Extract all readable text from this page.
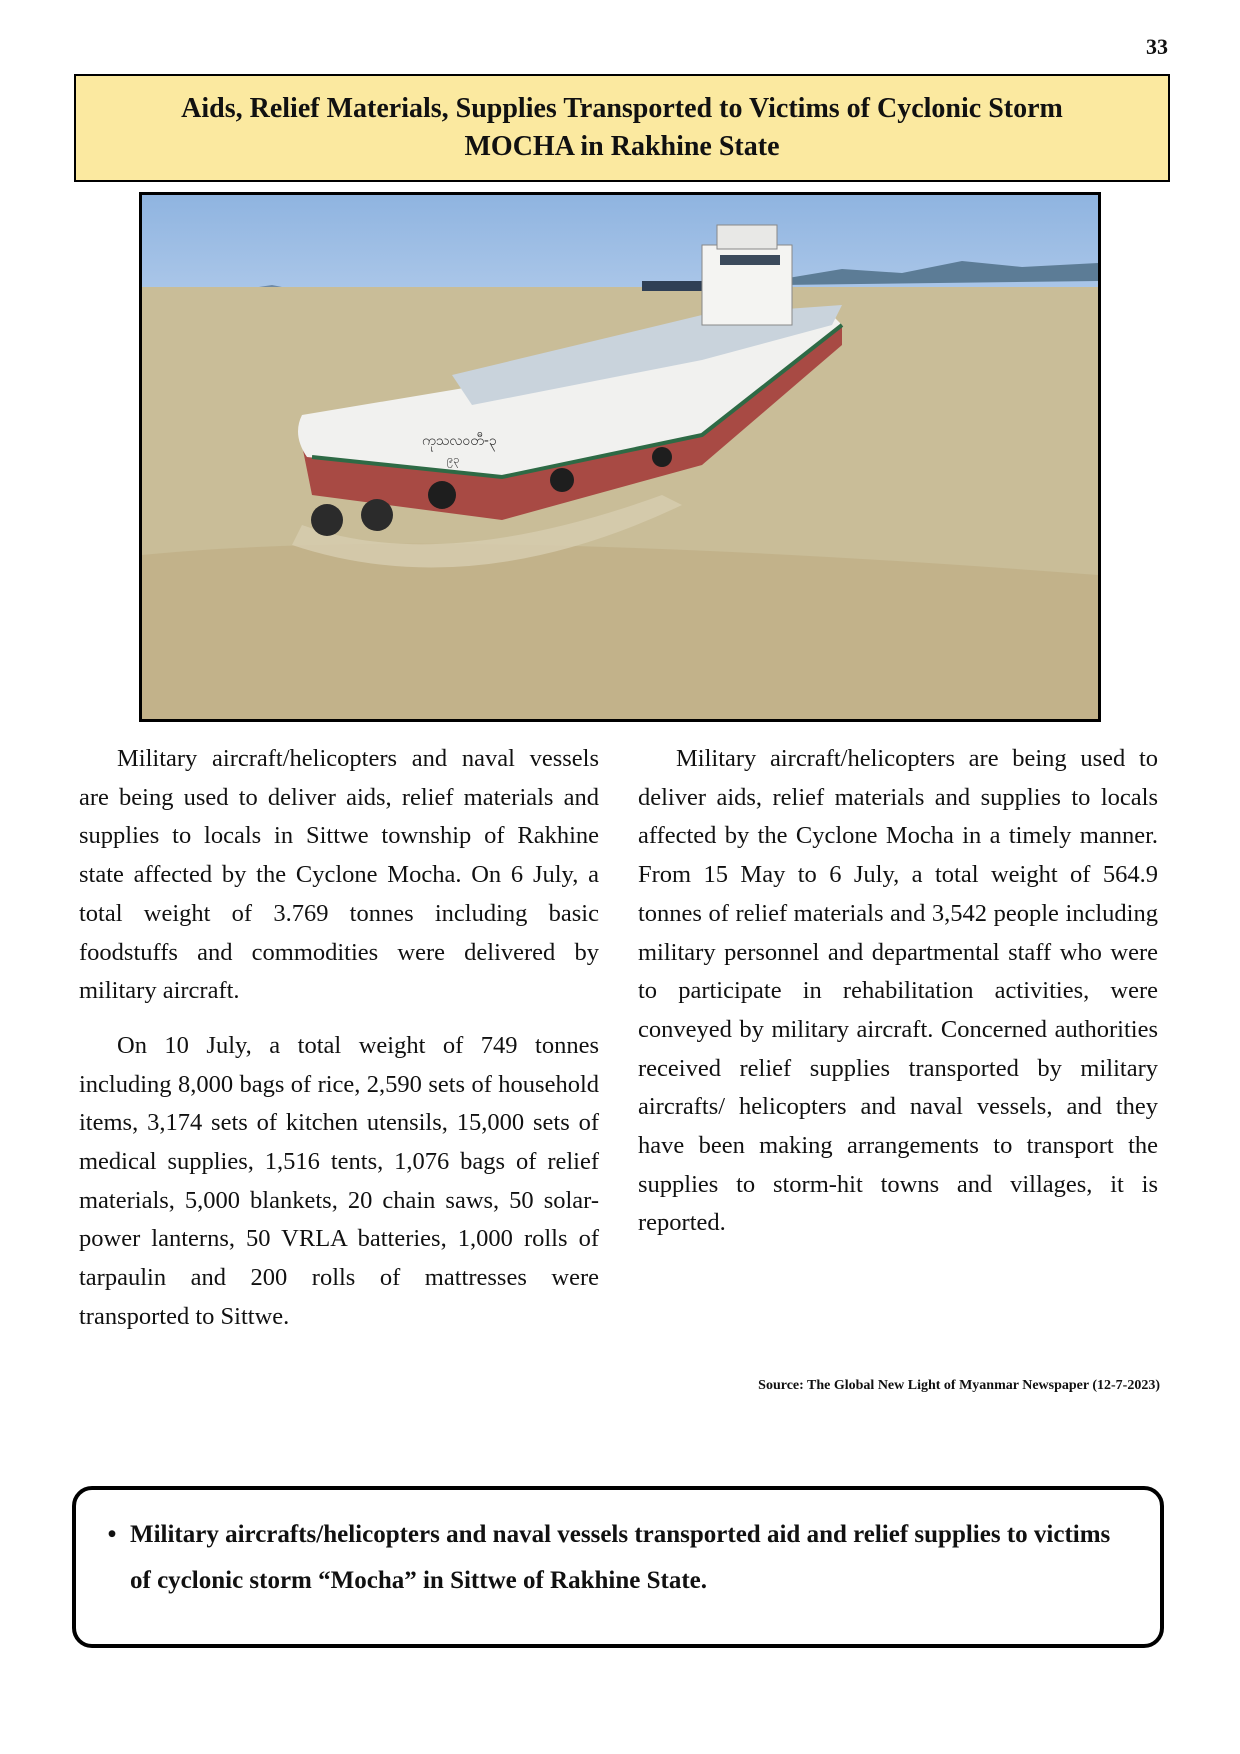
33
Aids, Relief Materials, Supplies Transported to Victims of Cyclonic Storm
MOCHA in Rakhine State
ကုသလဝတီ-၃
၉၃

Military aircraft/helicopters and naval vessels are being used to deliver aids, relief materials and supplies to locals in Sittwe township of Rakhine state affected by the Cyclone Mocha. On 6 July, a total weight of 3.769 tonnes including basic foodstuffs and commodities were delivered by military aircraft.

On 10 July, a total weight of 749 tonnes including 8,000 bags of rice, 2,590 sets of household items, 3,174 sets of kitchen utensils, 15,000 sets of medical supplies, 1,516 tents, 1,076 bags of relief materials, 5,000 blankets, 20 chain saws, 50 solar-power lanterns, 50 VRLA batteries, 1,000 rolls of tarpaulin and 200 rolls of mattresses were transported to Sittwe.

Military aircraft/helicopters are being used to deliver aids, relief materials and supplies to locals affected by the Cyclone Mocha in a timely manner. From 15 May to 6 July, a total weight of 564.9 tonnes of relief materials and 3,542 people including military personnel and departmental staff who were to participate in rehabilitation activities, were conveyed by military aircraft. Concerned authorities received relief supplies transported by military aircrafts/ helicopters and naval vessels, and they have been making arrangements to transport the supplies to storm-hit towns and villages, it is reported.

Source: The Global New Light of Myanmar Newspaper (12-7-2023)
• Military aircrafts/helicopters and naval vessels transported aid and relief supplies to victims of cyclonic storm “Mocha” in Sittwe of Rakhine State.
